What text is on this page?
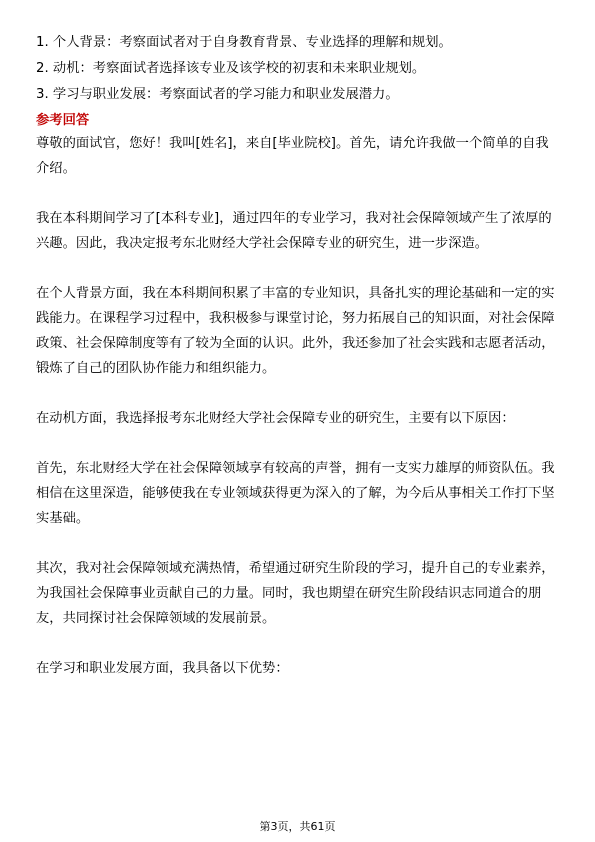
1. 个人背景：考察面试者对于自身教育背景、专业选择的理解和规划。
2. 动机：考察面试者选择该专业及该学校的初衷和未来职业规划。
3. 学习与职业发展：考察面试者的学习能力和职业发展潜力。
参考回答

尊敬的面试官，您好！我叫[姓名]，来自[毕业院校]。首先，请允许我做一个简单的自我介绍。

我在本科期间学习了[本科专业]，通过四年的专业学习，我对社会保障领域产生了浓厚的兴趣。因此，我决定报考东北财经大学社会保障专业的研究生，进一步深造。

在个人背景方面，我在本科期间积累了丰富的专业知识，具备扎实的理论基础和一定的实践能力。在课程学习过程中，我积极参与课堂讨论，努力拓展自己的知识面，对社会保障政策、社会保障制度等有了较为全面的认识。此外，我还参加了社会实践和志愿者活动，锻炼了自己的团队协作能力和组织能力。

在动机方面，我选择报考东北财经大学社会保障专业的研究生，主要有以下原因：

首先，东北财经大学在社会保障领域享有较高的声誉，拥有一支实力雄厚的师资队伍。我相信在这里深造，能够使我在专业领域获得更为深入的了解，为今后从事相关工作打下坚实基础。

其次，我对社会保障领域充满热情，希望通过研究生阶段的学习，提升自己的专业素养，为我国社会保障事业贡献自己的力量。同时，我也期望在研究生阶段结识志同道合的朋友，共同探讨社会保障领域的发展前景。

在学习和职业发展方面，我具备以下优势：

第3页，共61页
